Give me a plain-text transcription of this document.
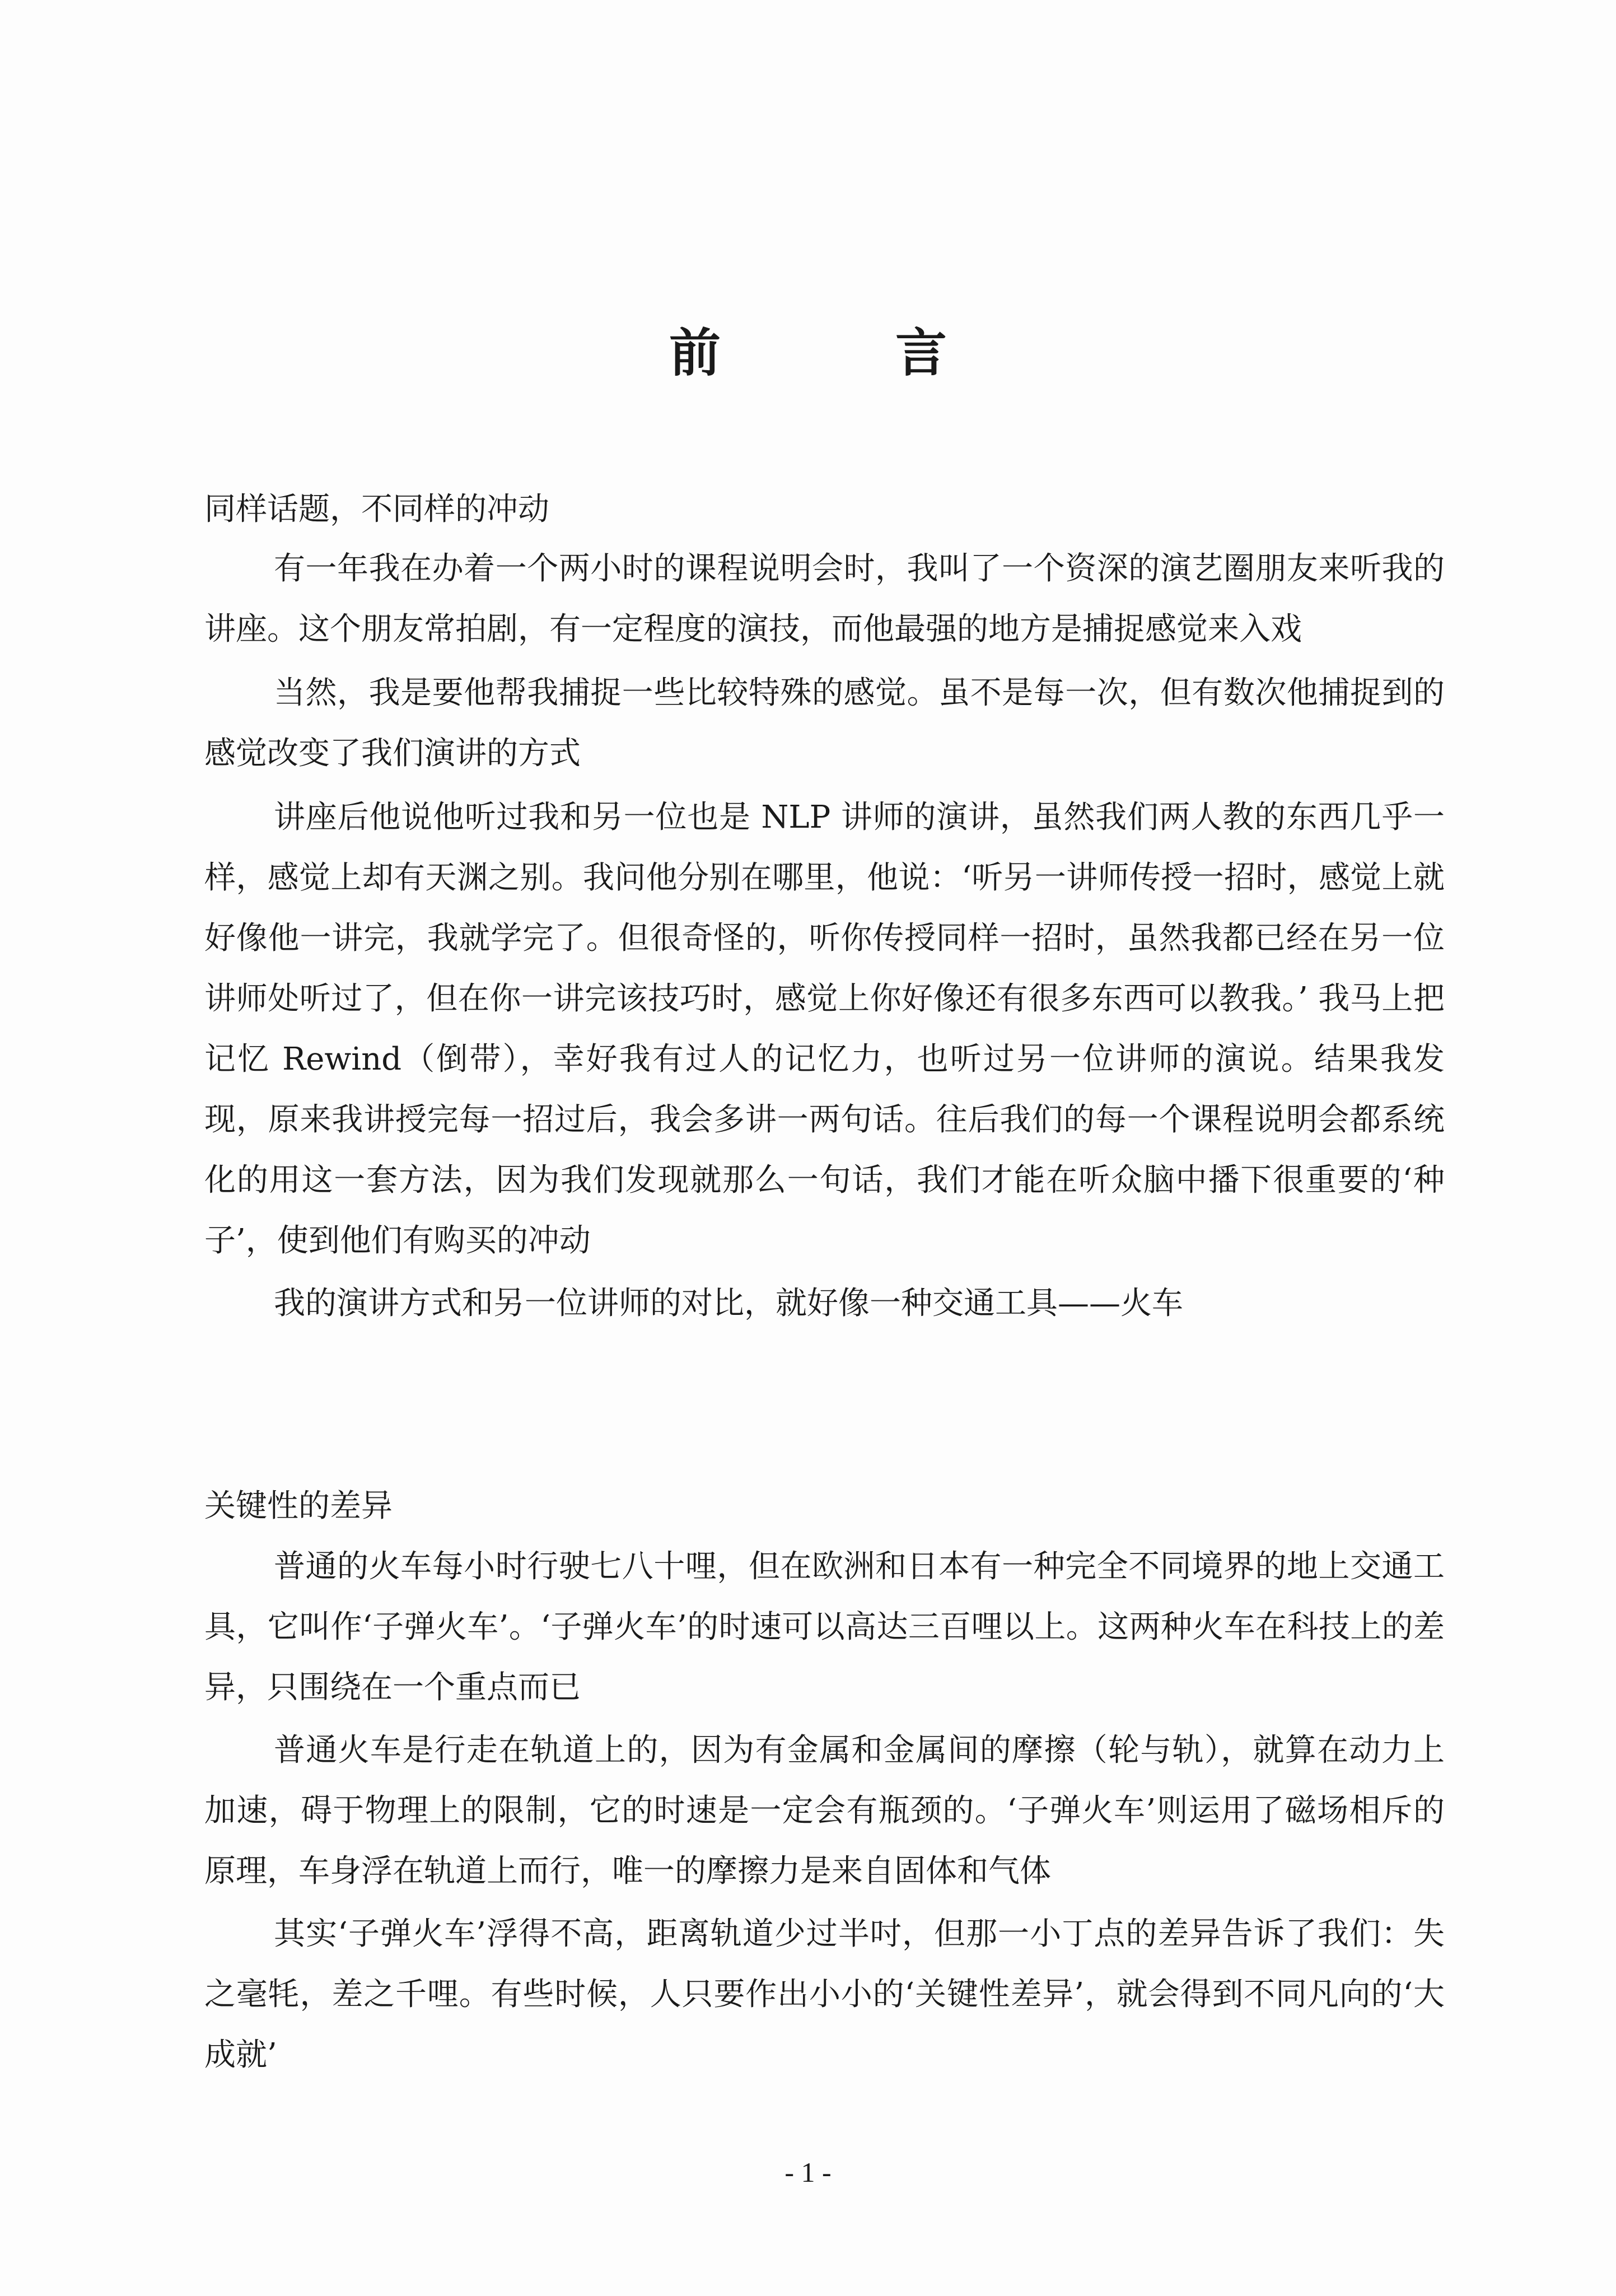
前 言
同样话题，不同样的冲动

有一年我在办着一个两小时的课程说明会时，我叫了一个资深的演艺圈朋友来听我的讲座。这个朋友常拍剧，有一定程度的演技，而他最强的地方是捕捉感觉来入戏

当然，我是要他帮我捕捉一些比较特殊的感觉。虽不是每一次，但有数次他捕捉到的感觉改变了我们演讲的方式

讲座后他说他听过我和另一位也是 NLP 讲师的演讲，虽然我们两人教的东西几乎一样，感觉上却有天渊之别。我问他分别在哪里，他说：‘听另一讲师传授一招时，感觉上就好像他一讲完，我就学完了。但很奇怪的，听你传授同样一招时，虽然我都已经在另一位讲师处听过了，但在你一讲完该技巧时，感觉上你好像还有很多东西可以教我。’ 我马上把记忆 Rewind（倒带），幸好我有过人的记忆力，也听过另一位讲师的演说。结果我发现，原来我讲授完每一招过后，我会多讲一两句话。往后我们的每一个课程说明会都系统化的用这一套方法，因为我们发现就那么一句话，我们才能在听众脑中播下很重要的‘种子’，使到他们有购买的冲动

我的演讲方式和另一位讲师的对比，就好像一种交通工具——火车

关键性的差异

普通的火车每小时行驶七八十哩，但在欧洲和日本有一种完全不同境界的地上交通工具，它叫作‘子弹火车’。‘子弹火车’的时速可以高达三百哩以上。这两种火车在科技上的差异，只围绕在一个重点而已

普通火车是行走在轨道上的，因为有金属和金属间的摩擦（轮与轨），就算在动力上加速，碍于物理上的限制，它的时速是一定会有瓶颈的。‘子弹火车’则运用了磁场相斥的原理，车身浮在轨道上而行，唯一的摩擦力是来自固体和气体

其实‘子弹火车’浮得不高，距离轨道少过半吋，但那一小丁点的差异告诉了我们：失之毫牦，差之千哩。有些时候，人只要作出小小的‘关键性差异’，就会得到不同凡向的‘大成就’

- 1 -
